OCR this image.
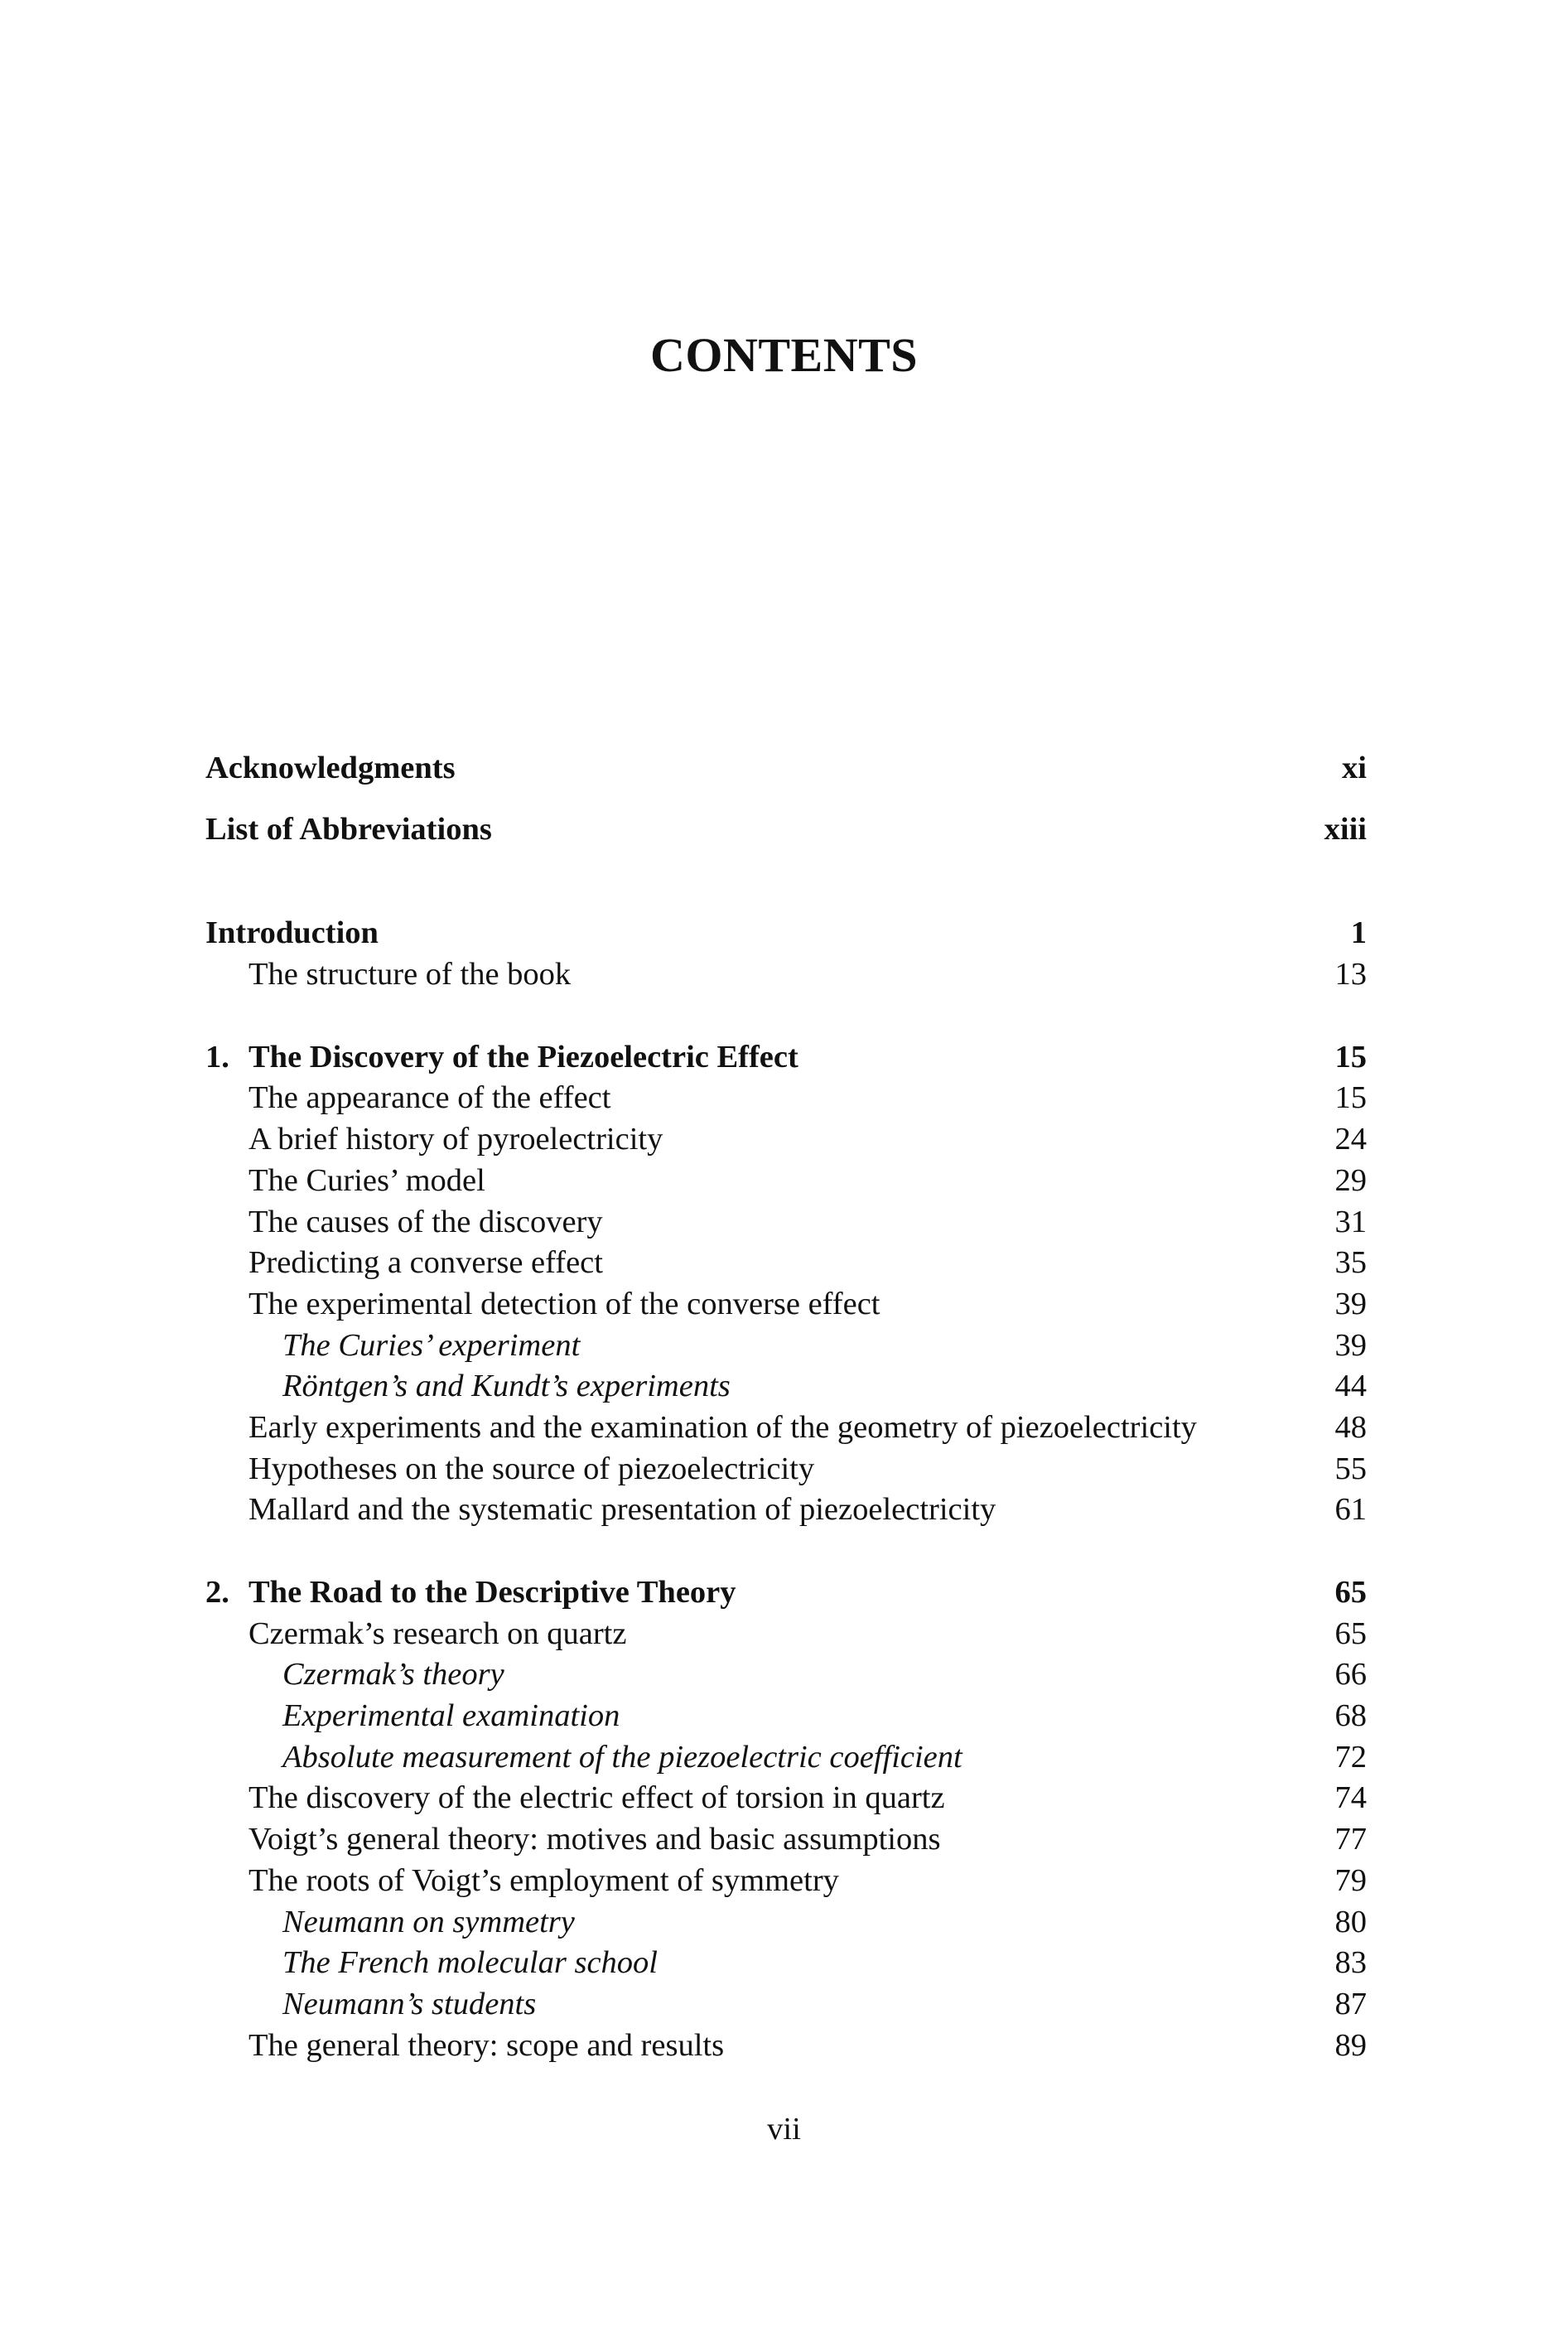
CONTENTS
Acknowledgments	xi
List of Abbreviations	xiii
Introduction	1
The structure of the book	13
1. The Discovery of the Piezoelectric Effect	15
The appearance of the effect	15
A brief history of pyroelectricity	24
The Curies’ model	29
The causes of the discovery	31
Predicting a converse effect	35
The experimental detection of the converse effect	39
The Curies’ experiment	39
Röntgen’s and Kundt’s experiments	44
Early experiments and the examination of the geometry of piezoelectricity	48
Hypotheses on the source of piezoelectricity	55
Mallard and the systematic presentation of piezoelectricity	61
2. The Road to the Descriptive Theory	65
Czermak’s research on quartz	65
Czermak’s theory	66
Experimental examination	68
Absolute measurement of the piezoelectric coefficient	72
The discovery of the electric effect of torsion in quartz	74
Voigt’s general theory: motives and basic assumptions	77
The roots of Voigt’s employment of symmetry	79
Neumann on symmetry	80
The French molecular school	83
Neumann’s students	87
The general theory: scope and results	89
vii
